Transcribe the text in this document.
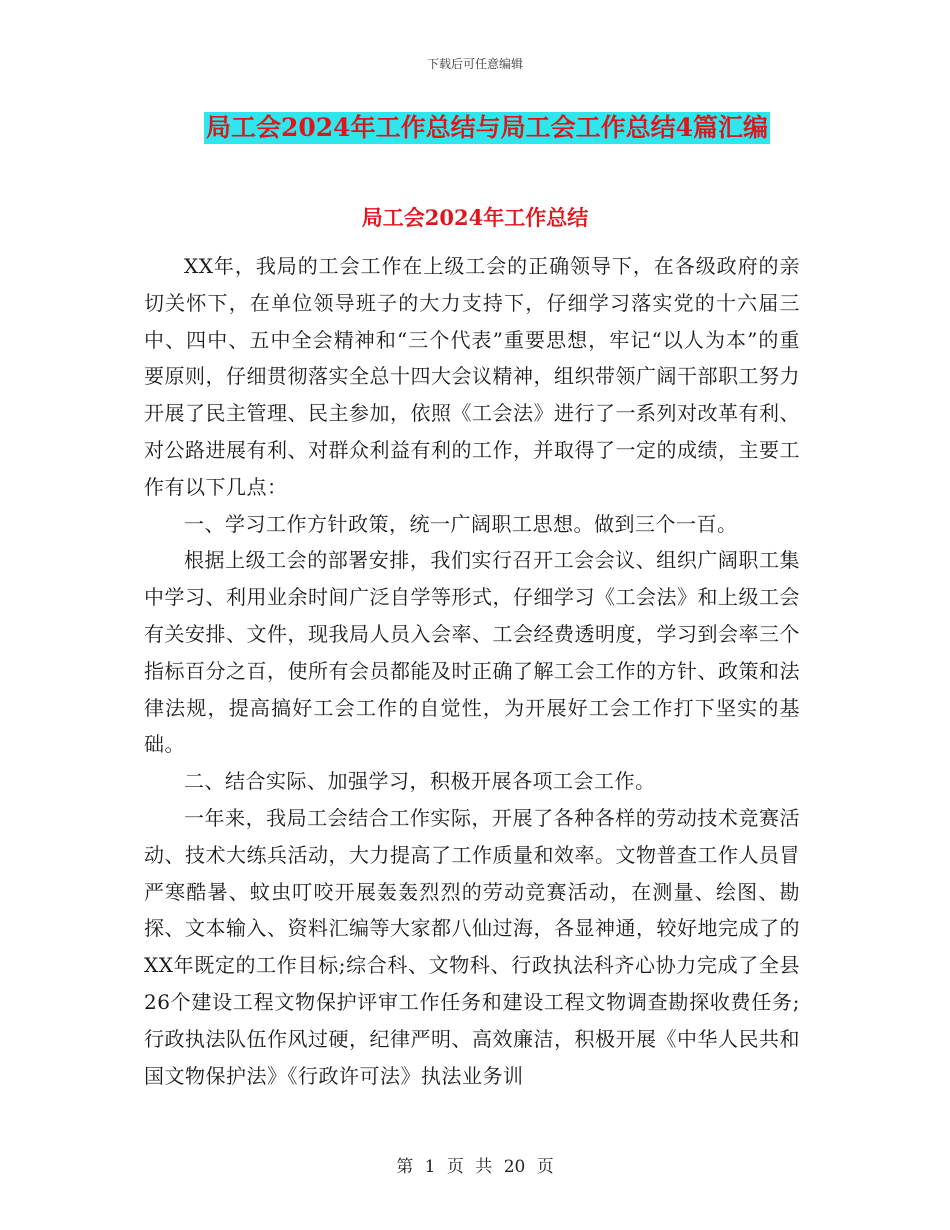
下载后可任意编辑
局工会2024年工作总结与局工会工作总结4篇汇编
局工会2024年工作总结

XX年，我局的工会工作在上级工会的正确领导下，在各级政府的亲切关怀下，在单位领导班子的大力支持下，仔细学习落实党的十六届三中、四中、五中全会精神和“三个代表”重要思想，牢记“以人为本”的重要原则，仔细贯彻落实全总十四大会议精神，组织带领广阔干部职工努力开展了民主管理、民主参加，依照《工会法》进行了一系列对改革有利、对公路进展有利、对群众利益有利的工作，并取得了一定的成绩，主要工作有以下几点：

一、学习工作方针政策，统一广阔职工思想。做到三个一百。

根据上级工会的部署安排，我们实行召开工会会议、组织广阔职工集中学习、利用业余时间广泛自学等形式，仔细学习《工会法》和上级工会有关安排、文件，现我局人员入会率、工会经费透明度，学习到会率三个指标百分之百，使所有会员都能及时正确了解工会工作的方针、政策和法律法规，提高搞好工会工作的自觉性，为开展好工会工作打下坚实的基础。

二、结合实际、加强学习，积极开展各项工会工作。

一年来，我局工会结合工作实际，开展了各种各样的劳动技术竞赛活动、技术大练兵活动，大力提高了工作质量和效率。文物普查工作人员冒严寒酷暑、蚊虫叮咬开展轰轰烈烈的劳动竞赛活动，在测量、绘图、勘探、文本输入、资料汇编等大家都八仙过海，各显神通，较好地完成了的XX年既定的工作目标;综合科、文物科、行政执法科齐心协力完成了全县26个建设工程文物保护评审工作任务和建设工程文物调查勘探收费任务;行政执法队伍作风过硬，纪律严明、高效廉洁，积极开展《中华人民共和国文物保护法》《行政许可法》执法业务训

第 1 页 共 20 页
